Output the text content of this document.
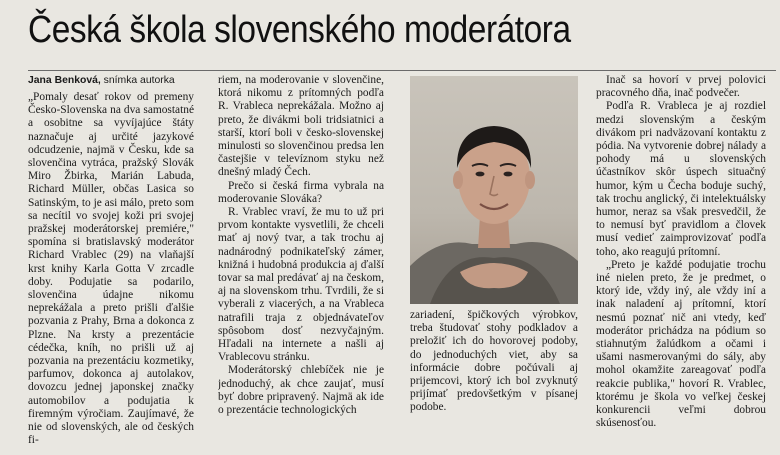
Česká škola slovenského moderátora
Jana Benková, snímka autorka

„Pomaly desať rokov od premeny Česko-Slovenska na dva samostatné a osobitne sa vyvíjajúce štáty naznačuje aj určité jazykové odcudzenie, najmä v Česku, kde sa slovenčina vytráca, pražský Slovák Miro Žbirka, Marián Labuda, Richard Müller, občas Lasica so Satinským, to je asi málo, preto som sa necítil vo svojej koži pri svojej pražskej moderátorskej premiére," spomína si bratislavský moderátor Richard Vrablec (29) na vlaňajší krst knihy Karla Gotta V zrcadle doby. Podujatie sa podarilo, slovenčina údajne nikomu neprekážala a preto prišli ďalšie pozvania z Prahy, Brna a dokonca z Plzne. Na krsty a prezentácie cédečka, kníh, no prišli už aj pozvania na prezentáciu kozmetiky, parfumov, dokonca aj autolakov, dovozcu jednej japonskej značky automobilov a podujatia k firemným výročiam. Zaujímavé, že nie od slovenských, ale od českých fi-

riem, na moderovanie v slovenčine, ktorá nikomu z prítomných podľa R. Vrableca neprekážala. Možno aj preto, že divákmi boli tridsiatnici a starší, ktorí boli v česko-slovenskej minulosti so slovenčinou predsa len častejšie v televíznom styku než dnešný mladý Čech.

Prečo si česká firma vybrala na moderovanie Slováka?

R. Vrablec vraví, že mu to už pri prvom kontakte vysvetlili, že chceli mať aj nový tvar, a tak trochu aj nadnárodný podnikateľský zámer, knižná i hudobná produkcia aj ďalší tovar sa mal predávať aj na českom, aj na slovenskom trhu. Tvrdili, že si vyberali z viacerých, a na Vrableca natrafili traja z objednávateľov spôsobom dosť nezvyčajným. Hľadali na internete a našli aj Vrablecovu stránku.

Moderátorský chlebíček nie je jednoduchý, ak chce zaujať, musí byť dobre pripravený. Najmä ak ide o prezentácie technologických

zariadení, špičkových výrobkov, treba študovať stohy podkladov a preložiť ich do hovorovej podoby, do jednoduchých viet, aby sa informácie dobre počúvali aj prijemcovi, ktorý ich bol zvyknutý prijímať predovšetkým v písanej podobe.

Inač sa hovorí v prvej polovici pracovného dňa, inač podvečer.

Podľa R. Vrableca je aj rozdiel medzi slovenským a českým divákom pri nadväzovaní kontaktu z pódia. Na vytvorenie dobrej nálady a pohody má u slovenských účastníkov skôr úspech situačný humor, kým u Čecha boduje suchý, tak trochu anglický, či intelektuálsky humor, neraz sa však presvedčil, že to nemusí byť pravidlom a človek musí vedieť zaimprovizovať podľa toho, ako reagujú prítomní.

„Preto je každé podujatie trochu iné nielen preto, že je predmet, o ktorý ide, vždy iný, ale vždy iní a inak naladení aj prítomní, ktorí nesmú poznať nič ani vtedy, keď moderátor prichádza na pódium so stiahnutým žalúdkom a očami i ušami nasmerovanými do sály, aby mohol okamžite zareagovať podľa reakcie publika," hovorí R. Vrablec, ktorému je škola vo veľkej českej konkurencii veľmi dobrou skúsenosťou.
